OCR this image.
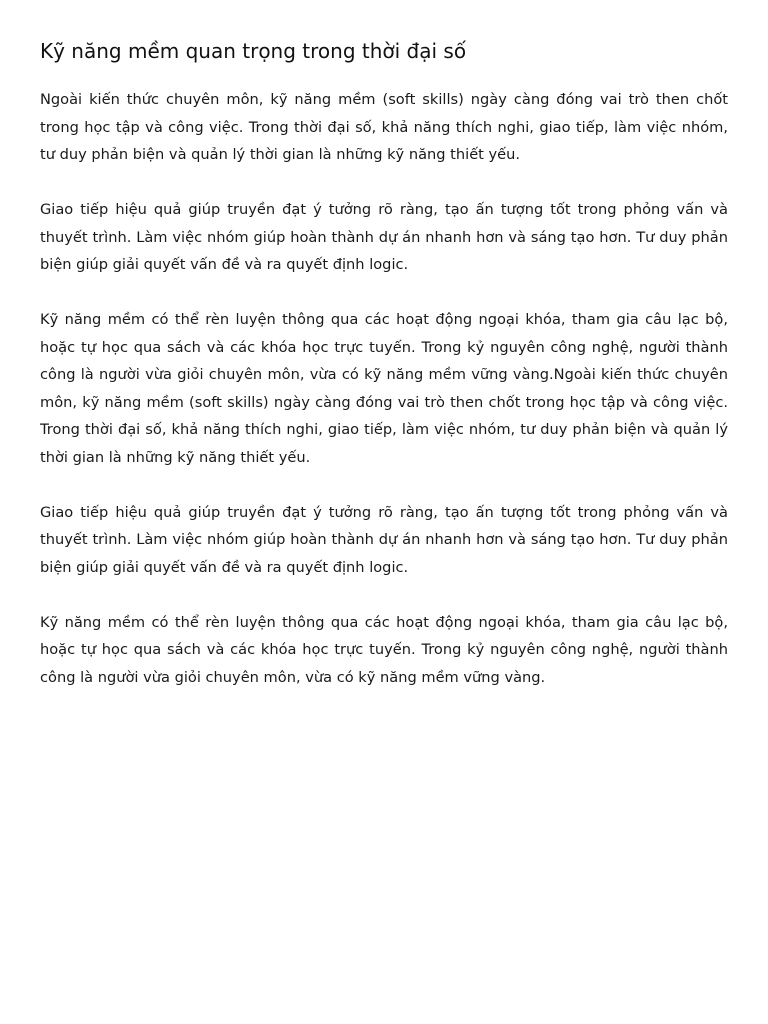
Kỹ năng mềm quan trọng trong thời đại số

Ngoài kiến thức chuyên môn, kỹ năng mềm (soft skills) ngày càng đóng vai trò then chốt trong học tập và công việc. Trong thời đại số, khả năng thích nghi, giao tiếp, làm việc nhóm, tư duy phản biện và quản lý thời gian là những kỹ năng thiết yếu.

Giao tiếp hiệu quả giúp truyền đạt ý tưởng rõ ràng, tạo ấn tượng tốt trong phỏng vấn và thuyết trình. Làm việc nhóm giúp hoàn thành dự án nhanh hơn và sáng tạo hơn. Tư duy phản biện giúp giải quyết vấn đề và ra quyết định logic.

Kỹ năng mềm có thể rèn luyện thông qua các hoạt động ngoại khóa, tham gia câu lạc bộ, hoặc tự học qua sách và các khóa học trực tuyến. Trong kỷ nguyên công nghệ, người thành công là người vừa giỏi chuyên môn, vừa có kỹ năng mềm vững vàng.Ngoài kiến thức chuyên môn, kỹ năng mềm (soft skills) ngày càng đóng vai trò then chốt trong học tập và công việc. Trong thời đại số, khả năng thích nghi, giao tiếp, làm việc nhóm, tư duy phản biện và quản lý thời gian là những kỹ năng thiết yếu.

Giao tiếp hiệu quả giúp truyền đạt ý tưởng rõ ràng, tạo ấn tượng tốt trong phỏng vấn và thuyết trình. Làm việc nhóm giúp hoàn thành dự án nhanh hơn và sáng tạo hơn. Tư duy phản biện giúp giải quyết vấn đề và ra quyết định logic.

Kỹ năng mềm có thể rèn luyện thông qua các hoạt động ngoại khóa, tham gia câu lạc bộ, hoặc tự học qua sách và các khóa học trực tuyến. Trong kỷ nguyên công nghệ, người thành công là người vừa giỏi chuyên môn, vừa có kỹ năng mềm vững vàng.
